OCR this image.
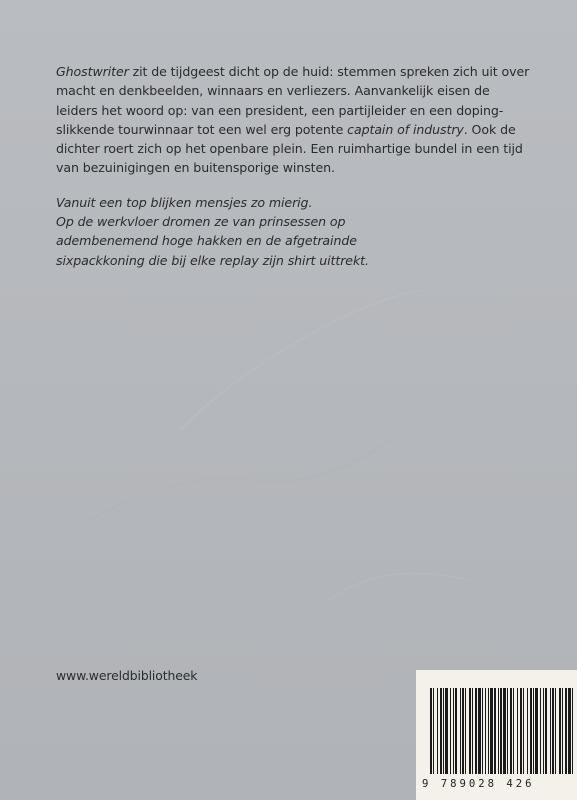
Ghostwriter zit de tijdgeest dicht op de huid: stemmen spreken zich uit over macht en denkbeelden, winnaars en verliezers. Aanvankelijk eisen de leiders het woord op: van een president, een partijleider en een doping-slikkende tourwinnaar tot een wel erg potente captain of industry. Ook de dichter roert zich op het openbare plein. Een ruimhartige bundel in een tijd van bezuinigingen en buitensporige winsten.

Vanuit een top blijken mensjes zo mierig.
Op de werkvloer dromen ze van prinsessen op
adembenemend hoge hakken en de afgetrainde
sixpackkoning die bij elke replay zijn shirt uittrekt.
www.wereldbibliotheek
9 789028 426
